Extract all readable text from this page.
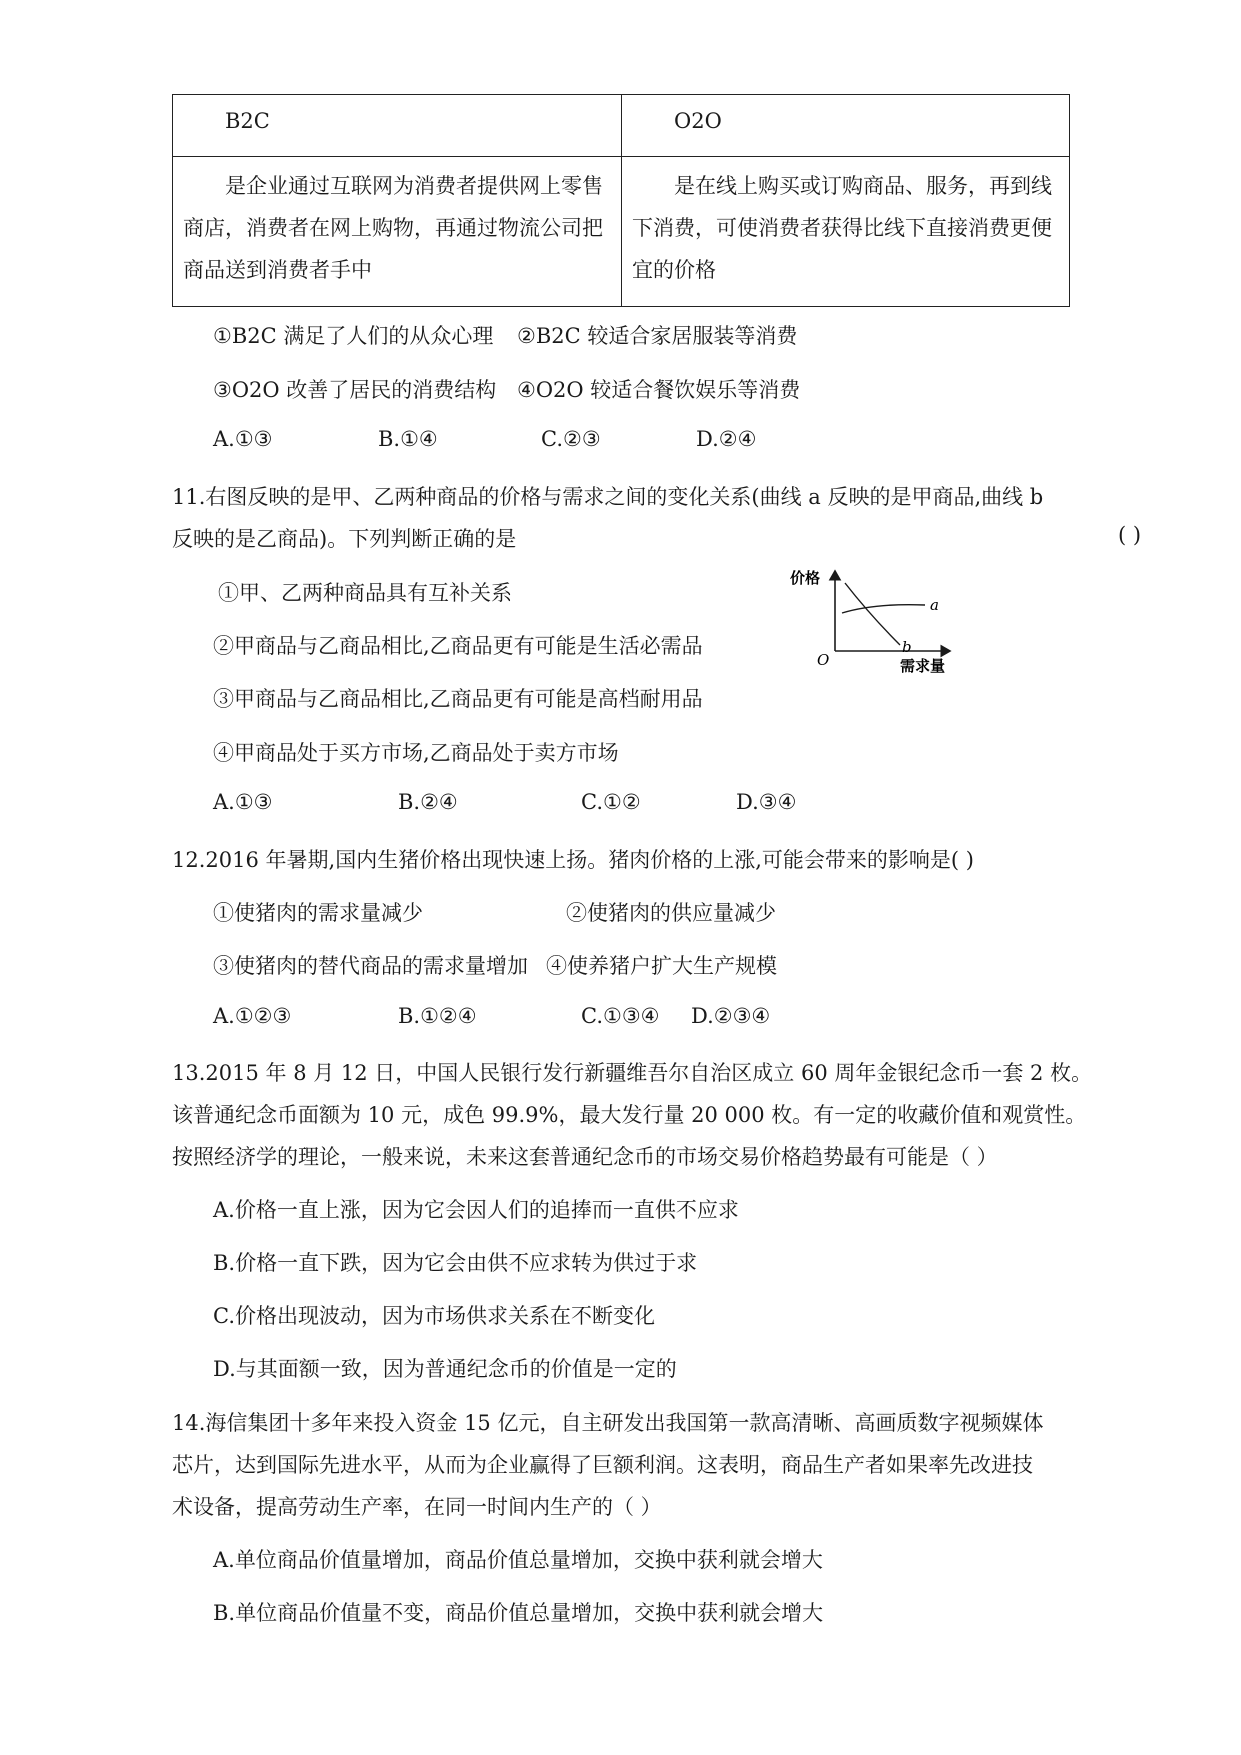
B2C	O2O
是企业通过互联网为消费者提供网上零售商店，消费者在网上购物，再通过物流公司把商品送到消费者手中	是在线上购买或订购商品、服务，再到线下消费，可使消费者获得比线下直接消费更便宜的价格
①B2C 满足了人们的从众心理 ②B2C 较适合家居服装等消费
③O2O 改善了居民的消费结构 ④O2O 较适合餐饮娱乐等消费
A.①③	B.①④	C.②③	D.②④
11.右图反映的是甲、乙两种商品的价格与需求之间的变化关系(曲线 a 反映的是甲商品,曲线 b
反映的是乙商品)。下列判断正确的是	( )
①甲、乙两种商品具有互补关系
②甲商品与乙商品相比,乙商品更有可能是生活必需品
③甲商品与乙商品相比,乙商品更有可能是高档耐用品
④甲商品处于买方市场,乙商品处于卖方市场
A.①③	B.②④	C.①②	D.③④
价格
需求量
O
a
b
12.2016 年暑期,国内生猪价格出现快速上扬。猪肉价格的上涨,可能会带来的影响是( )
①使猪肉的需求量减少	②使猪肉的供应量减少
③使猪肉的替代商品的需求量增加 ④使养猪户扩大生产规模
A.①②③	B.①②④	C.①③④ D.②③④
13.2015 年 8 月 12 日，中国人民银行发行新疆维吾尔自治区成立 60 周年金银纪念币一套 2 枚。
该普通纪念币面额为 10 元，成色 99.9%，最大发行量 20 000 枚。有一定的收藏价值和观赏性。
按照经济学的理论，一般来说，未来这套普通纪念币的市场交易价格趋势最有可能是（ ）
A.价格一直上涨，因为它会因人们的追捧而一直供不应求
B.价格一直下跌，因为它会由供不应求转为供过于求
C.价格出现波动，因为市场供求关系在不断变化
D.与其面额一致，因为普通纪念币的价值是一定的
14.海信集团十多年来投入资金 15 亿元，自主研发出我国第一款高清晰、高画质数字视频媒体
芯片，达到国际先进水平，从而为企业赢得了巨额利润。这表明，商品生产者如果率先改进技
术设备，提高劳动生产率，在同一时间内生产的（ ）
A.单位商品价值量增加，商品价值总量增加，交换中获利就会增大
B.单位商品价值量不变，商品价值总量增加，交换中获利就会增大
